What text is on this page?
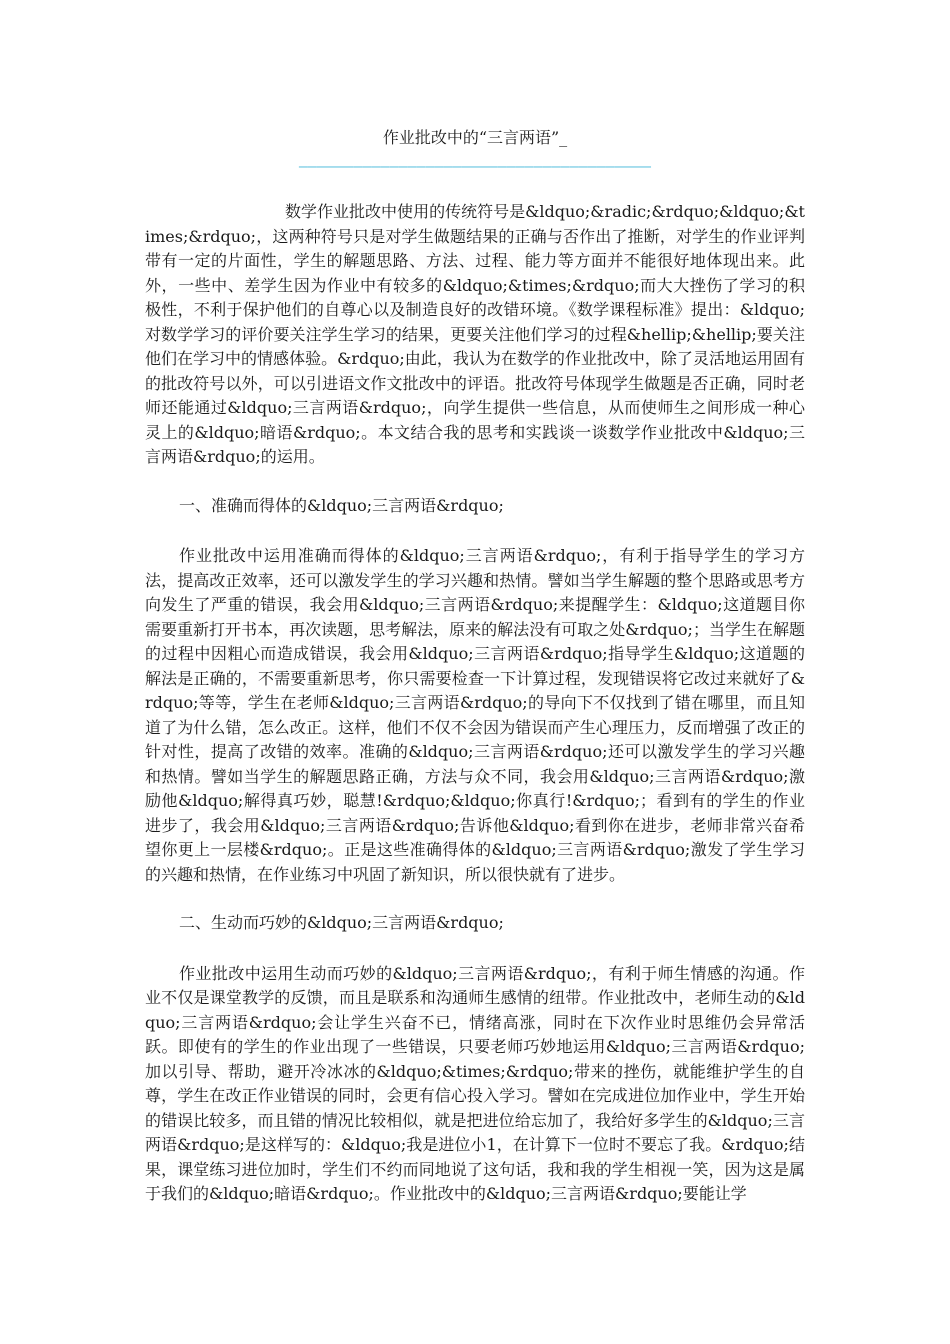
作业批改中的“三言两语”_
———————————————————————————————————————

数学作业批改中使用的传统符号是&ldquo;&radic;&rdquo;&ldquo;&times;&rdquo;，这两种符号只是对学生做题结果的正确与否作出了推断，对学生的作业评判带有一定的片面性，学生的解题思路、方法、过程、能力等方面并不能很好地体现出来。此外，一些中、差学生因为作业中有较多的&ldquo;&times;&rdquo;而大大挫伤了学习的积极性，不利于保护他们的自尊心以及制造良好的改错环境。《数学课程标准》提出：&ldquo;对数学学习的评价要关注学生学习的结果，更要关注他们学习的过程&hellip;&hellip;要关注他们在学习中的情感体验。&rdquo;由此，我认为在数学的作业批改中，除了灵活地运用固有的批改符号以外，可以引进语文作文批改中的评语。批改符号体现学生做题是否正确，同时老师还能通过&ldquo;三言两语&rdquo;，向学生提供一些信息，从而使师生之间形成一种心灵上的&ldquo;暗语&rdquo;。本文结合我的思考和实践谈一谈数学作业批改中&ldquo;三言两语&rdquo;的运用。

一、准确而得体的&ldquo;三言两语&rdquo;

作业批改中运用准确而得体的&ldquo;三言两语&rdquo;，有利于指导学生的学习方法，提高改正效率，还可以激发学生的学习兴趣和热情。譬如当学生解题的整个思路或思考方向发生了严重的错误，我会用&ldquo;三言两语&rdquo;来提醒学生：&ldquo;这道题目你需要重新打开书本，再次读题，思考解法，原来的解法没有可取之处&rdquo;；当学生在解题的过程中因粗心而造成错误，我会用&ldquo;三言两语&rdquo;指导学生&ldquo;这道题的解法是正确的，不需要重新思考，你只需要检查一下计算过程，发现错误将它改过来就好了&rdquo;等等，学生在老师&ldquo;三言两语&rdquo;的导向下不仅找到了错在哪里，而且知道了为什么错，怎么改正。这样，他们不仅不会因为错误而产生心理压力，反而增强了改正的针对性，提高了改错的效率。准确的&ldquo;三言两语&rdquo;还可以激发学生的学习兴趣和热情。譬如当学生的解题思路正确，方法与众不同，我会用&ldquo;三言两语&rdquo;激励他&ldquo;解得真巧妙，聪慧!&rdquo;&ldquo;你真行!&rdquo;；看到有的学生的作业进步了，我会用&ldquo;三言两语&rdquo;告诉他&ldquo;看到你在进步，老师非常兴奋希望你更上一层楼&rdquo;。正是这些准确得体的&ldquo;三言两语&rdquo;激发了学生学习的兴趣和热情，在作业练习中巩固了新知识，所以很快就有了进步。

二、生动而巧妙的&ldquo;三言两语&rdquo;

作业批改中运用生动而巧妙的&ldquo;三言两语&rdquo;，有利于师生情感的沟通。作业不仅是课堂教学的反馈，而且是联系和沟通师生感情的纽带。作业批改中，老师生动的&ldquo;三言两语&rdquo;会让学生兴奋不已，情绪高涨，同时在下次作业时思维仍会异常活跃。即使有的学生的作业出现了一些错误，只要老师巧妙地运用&ldquo;三言两语&rdquo;加以引导、帮助，避开冷冰冰的&ldquo;&times;&rdquo;带来的挫伤，就能维护学生的自尊，学生在改正作业错误的同时，会更有信心投入学习。譬如在完成进位加作业中，学生开始的错误比较多，而且错的情况比较相似，就是把进位给忘加了，我给好多学生的&ldquo;三言两语&rdquo;是这样写的：&ldquo;我是进位小1，在计算下一位时不要忘了我。&rdquo;结果，课堂练习进位加时，学生们不约而同地说了这句话，我和我的学生相视一笑，因为这是属于我们的&ldquo;暗语&rdquo;。作业批改中的&ldquo;三言两语&rdquo;要能让学
